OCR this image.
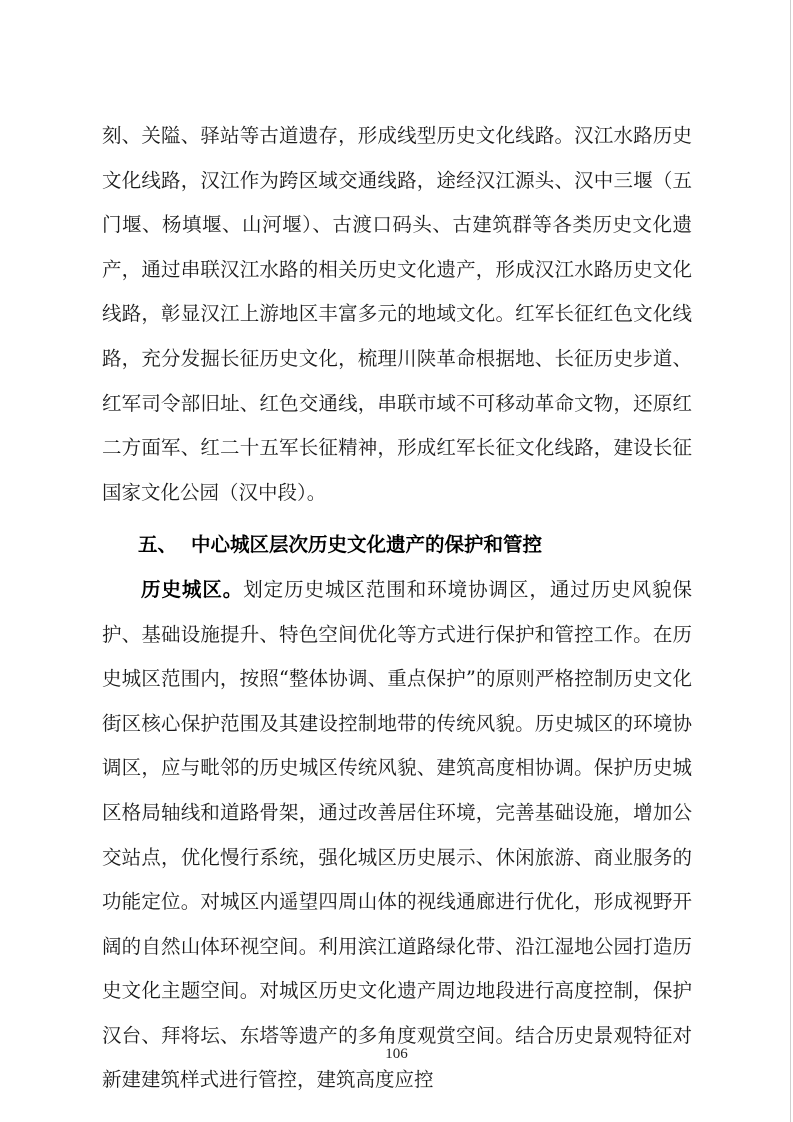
刻、关隘、驿站等古道遗存，形成线型历史文化线路。汉江水路历史文化线路，汉江作为跨区域交通线路，途经汉江源头、汉中三堰（五门堰、杨填堰、山河堰）、古渡口码头、古建筑群等各类历史文化遗产，通过串联汉江水路的相关历史文化遗产，形成汉江水路历史文化线路，彰显汉江上游地区丰富多元的地域文化。红军长征红色文化线路，充分发掘长征历史文化，梳理川陕革命根据地、长征历史步道、红军司令部旧址、红色交通线，串联市域不可移动革命文物，还原红二方面军、红二十五军长征精神，形成红军长征文化线路，建设长征国家文化公园（汉中段）。

五、 中心城区层次历史文化遗产的保护和管控

历史城区。划定历史城区范围和环境协调区，通过历史风貌保护、基础设施提升、特色空间优化等方式进行保护和管控工作。在历史城区范围内，按照“整体协调、重点保护”的原则严格控制历史文化街区核心保护范围及其建设控制地带的传统风貌。历史城区的环境协调区，应与毗邻的历史城区传统风貌、建筑高度相协调。保护历史城区格局轴线和道路骨架，通过改善居住环境，完善基础设施，增加公交站点，优化慢行系统，强化城区历史展示、休闲旅游、商业服务的功能定位。对城区内遥望四周山体的视线通廊进行优化，形成视野开阔的自然山体环视空间。利用滨江道路绿化带、沿江湿地公园打造历史文化主题空间。对城区历史文化遗产周边地段进行高度控制，保护汉台、拜将坛、东塔等遗产的多角度观赏空间。结合历史景观特征对新建建筑样式进行管控，建筑高度应控

106
